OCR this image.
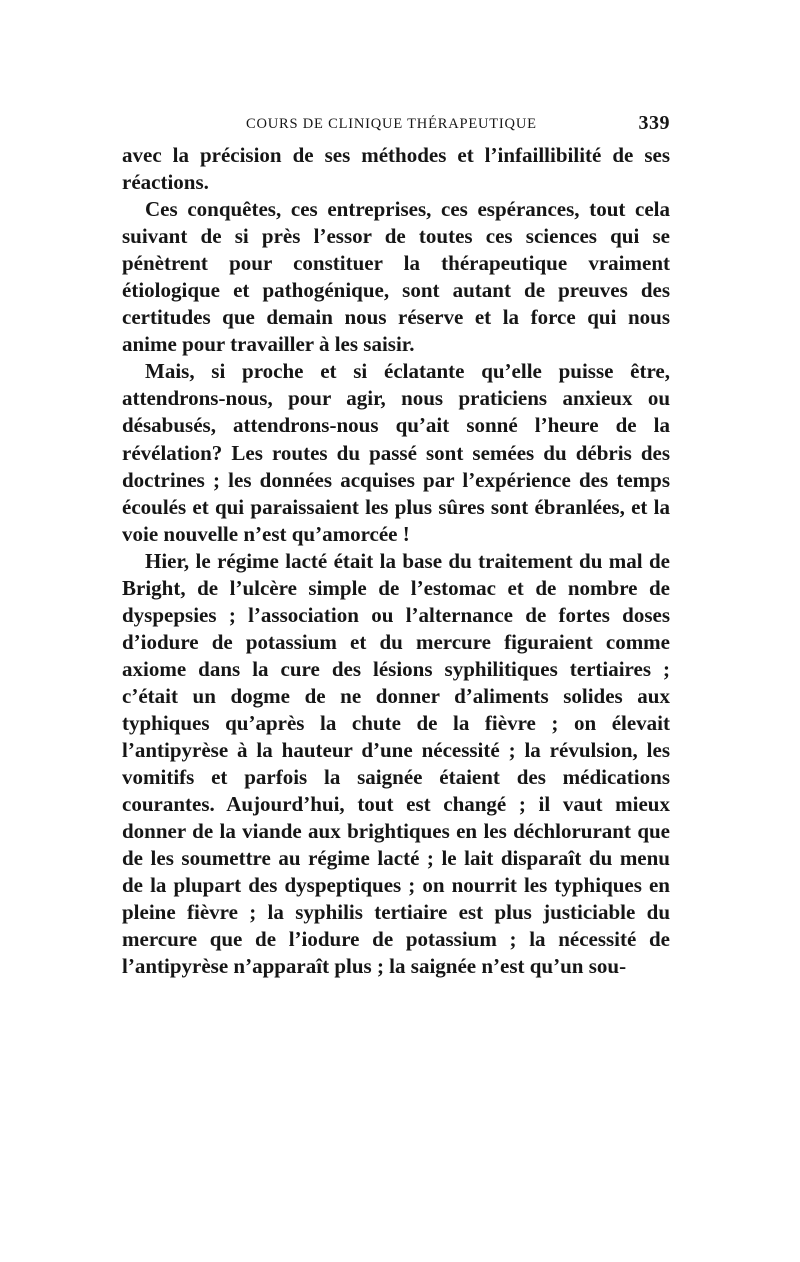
COURS DE CLINIQUE THÉRAPEUTIQUE	339

avec la précision de ses méthodes et l’infaillibilité de ses réactions.

Ces conquêtes, ces entreprises, ces espérances, tout cela suivant de si près l’essor de toutes ces sciences qui se pénètrent pour constituer la thérapeutique vraiment étiologique et pathogénique, sont autant de preuves des certitudes que demain nous réserve et la force qui nous anime pour travailler à les saisir.

Mais, si proche et si éclatante qu’elle puisse être, attendrons-nous, pour agir, nous praticiens anxieux ou désabusés, attendrons-nous qu’ait sonné l’heure de la révélation? Les routes du passé sont semées du débris des doctrines ; les données acquises par l’expérience des temps écoulés et qui paraissaient les plus sûres sont ébranlées, et la voie nouvelle n’est qu’amorcée !

Hier, le régime lacté était la base du traitement du mal de Bright, de l’ulcère simple de l’estomac et de nombre de dyspepsies ; l’association ou l’alternance de fortes doses d’iodure de potassium et du mercure figuraient comme axiome dans la cure des lésions syphilitiques tertiaires ; c’était un dogme de ne donner d’aliments solides aux typhiques qu’après la chute de la fièvre ; on élevait l’antipyrèse à la hauteur d’une nécessité ; la révulsion, les vomitifs et parfois la saignée étaient des médications courantes. Aujourd’hui, tout est changé ; il vaut mieux donner de la viande aux brightiques en les déchlorurant que de les soumettre au régime lacté ; le lait disparaît du menu de la plupart des dyspeptiques ; on nourrit les typhiques en pleine fièvre ; la syphilis tertiaire est plus justiciable du mercure que de l’iodure de potassium ; la nécessité de l’antipyrèse n’apparaît plus ; la saignée n’est qu’un sou-
